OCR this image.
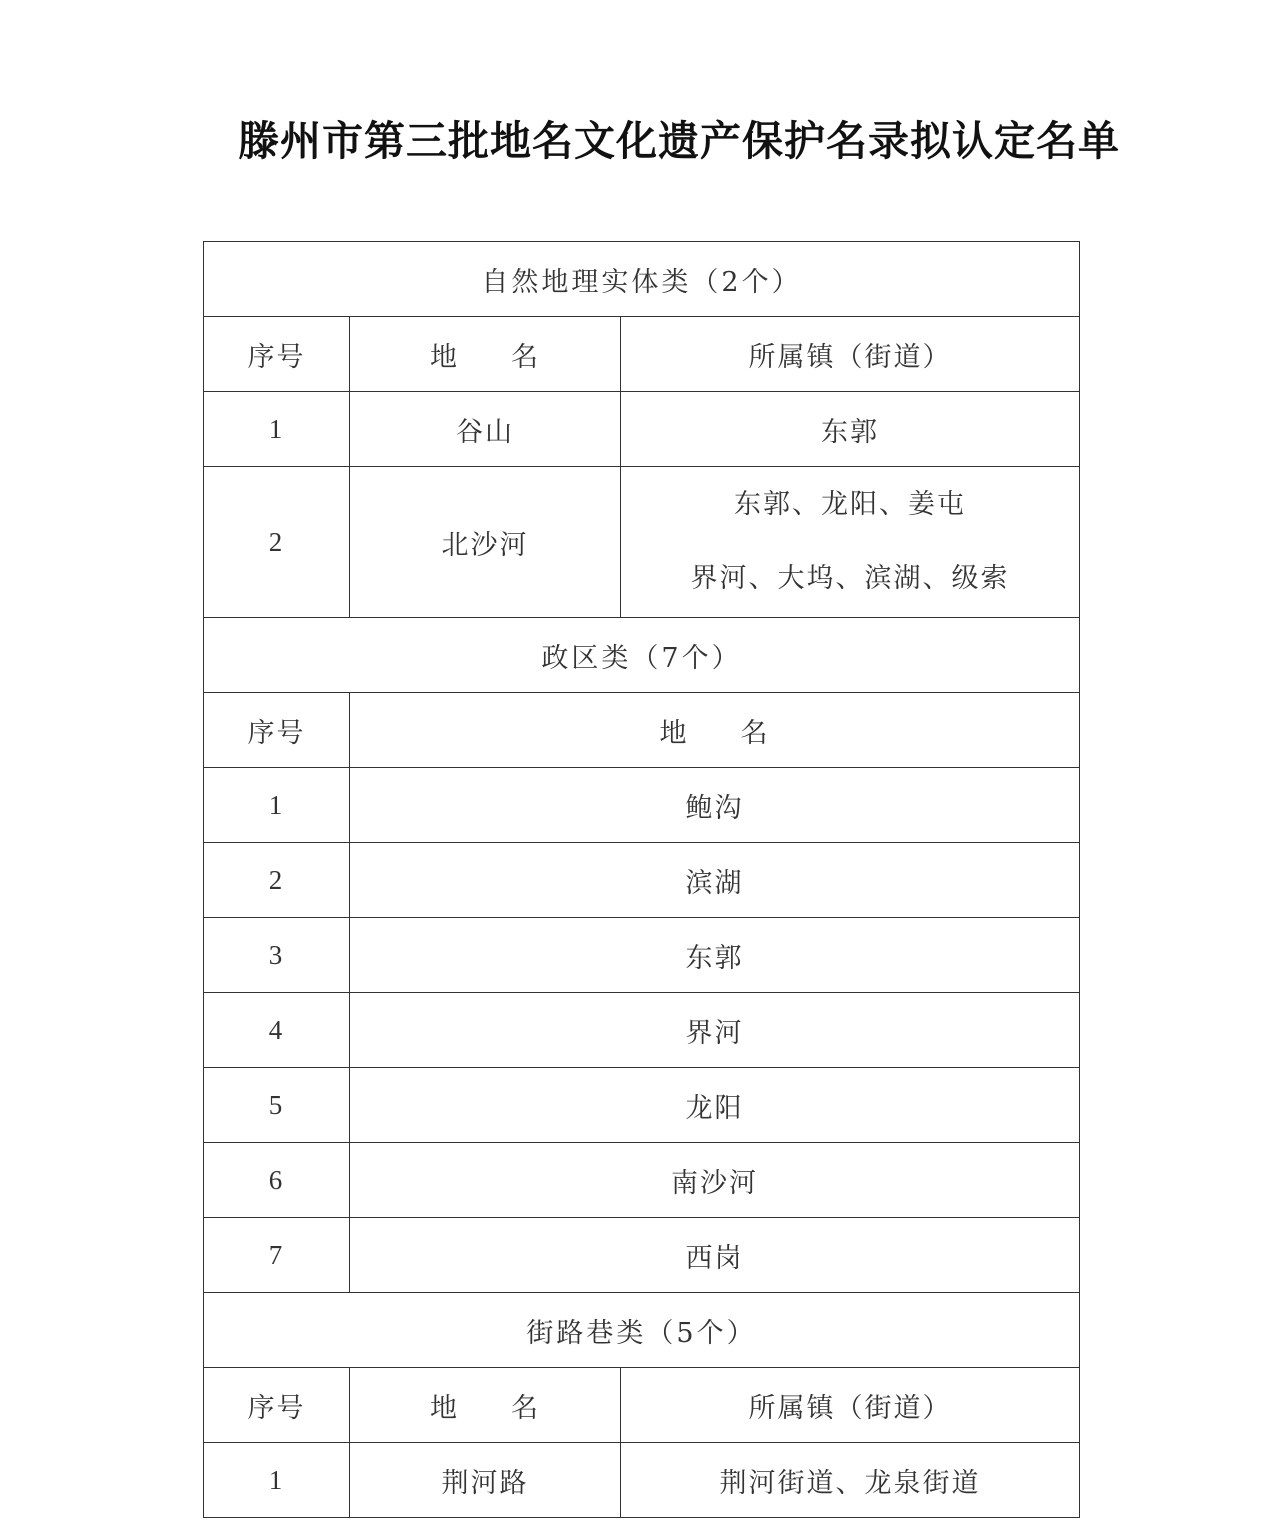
滕州市第三批地名文化遗产保护名录拟认定名单
自然地理实体类（2个）		
序号	地 名	所属镇（街道）
1	谷山	东郭
2	北沙河	东郭、龙阳、姜屯
界河、大坞、滨湖、级索

政区类（7个）		
序号	地 名	
1	鲍沟	
2	滨湖	
3	东郭	
4	界河	
5	龙阳	
6	南沙河	
7	西岗	
街路巷类（5个）		
序号	地 名	所属镇（街道）
1	荆河路	荆河街道、龙泉街道
